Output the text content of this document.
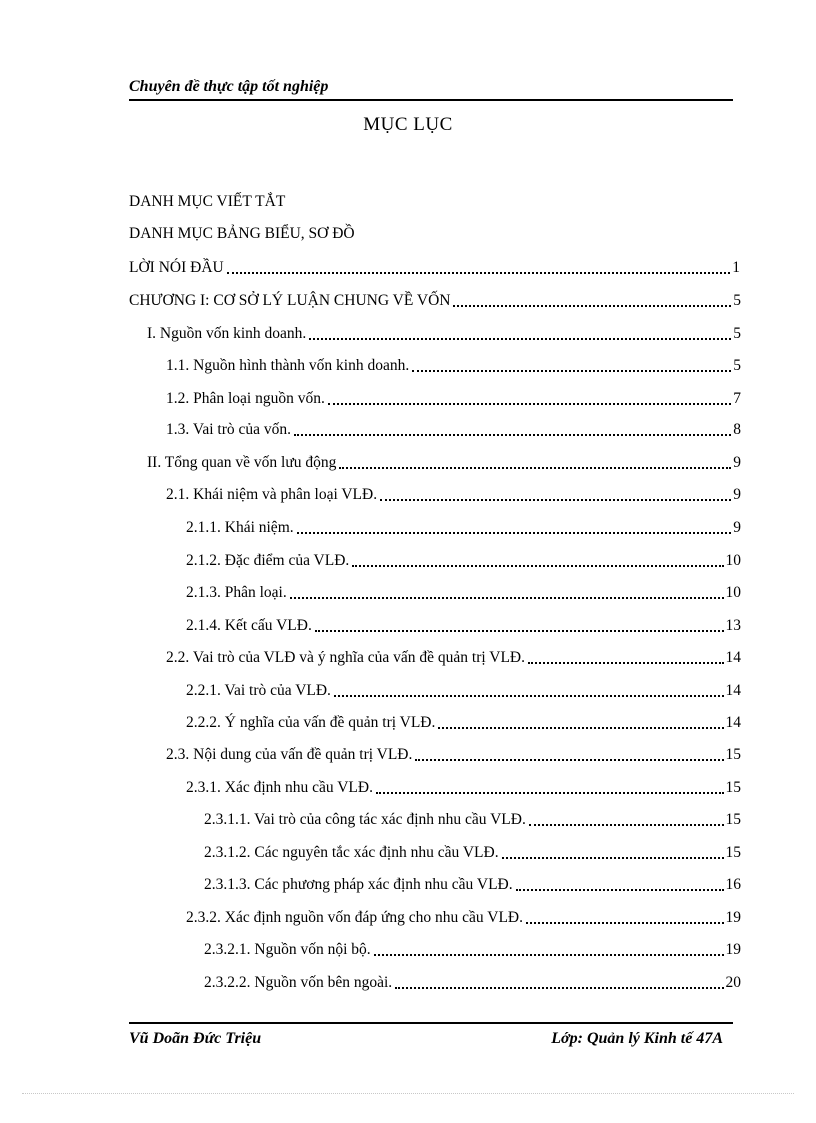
Chuyên đề thực tập tốt nghiệp
MỤC LỤC
DANH MỤC VIẾT TẮT
DANH MỤC BẢNG BIỂU, SƠ ĐỒ
LỜI NÓI ĐẦU	1
CHƯƠNG I: CƠ SỞ LÝ LUẬN CHUNG VỀ VỐN	5
I. Nguồn vốn kinh doanh.	5
1.1. Nguồn hình thành vốn kinh doanh.	5
1.2. Phân loại nguồn vốn.	7
1.3. Vai trò của vốn.	8
II. Tổng quan về vốn lưu động	9
2.1. Khái niệm và phân loại VLĐ.	9
2.1.1. Khái niệm.	9
2.1.2. Đặc điểm của VLĐ.	10
2.1.3. Phân loại.	10
2.1.4. Kết cấu VLĐ.	13
2.2. Vai trò của VLĐ và ý nghĩa của vấn đề quản trị VLĐ.	14
2.2.1. Vai trò của VLĐ.	14
2.2.2. Ý nghĩa của vấn đề quản trị VLĐ.	14
2.3. Nội dung của vấn đề quản trị VLĐ.	15
2.3.1. Xác định nhu cầu VLĐ.	15
2.3.1.1. Vai trò của công tác xác định nhu cầu VLĐ.	15
2.3.1.2. Các nguyên tắc xác định nhu cầu VLĐ.	15
2.3.1.3. Các phương pháp xác định nhu cầu VLĐ.	16
2.3.2. Xác định nguồn vốn đáp ứng cho nhu cầu VLĐ.	19
2.3.2.1. Nguồn vốn nội bộ.	19
2.3.2.2. Nguồn vốn bên ngoài.	20
Vũ Doãn Đức Triệu	Lớp: Quản lý Kinh tế 47A
